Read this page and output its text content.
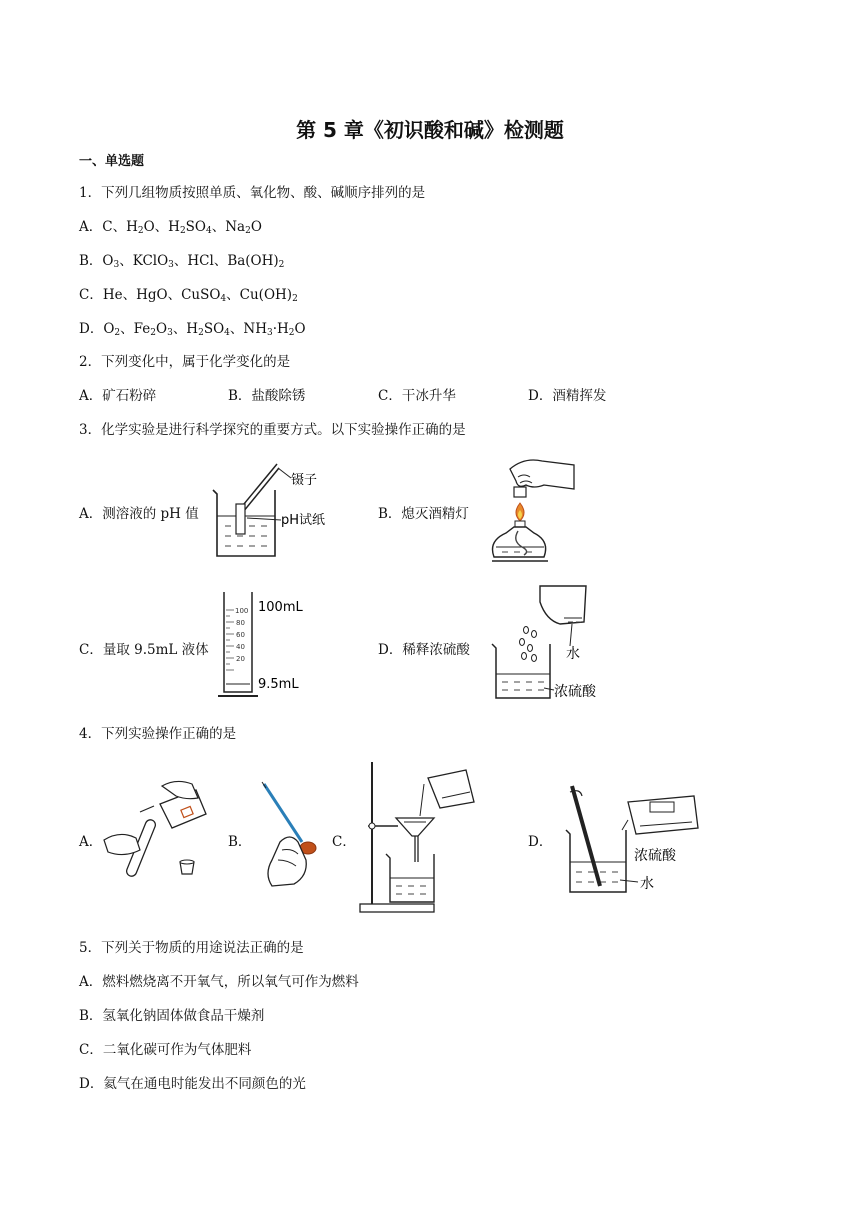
第 5 章《初识酸和碱》检测题
一、单选题
1．下列几组物质按照单质、氧化物、酸、碱顺序排列的是
A．C、$H_2O$、$H_2SO_4$、$Na_2O$
B．$O_3$、KClO$_3$、HCl、$Ba(OH)_2$
C．He、HgO、CuSO$_4$、$Cu(OH)_2$
D．$O_2$、$Fe_2O_3$、$H_2SO_4$、$NH_3\cdot H_2O$
2．下列变化中，属于化学变化的是
A．矿石粉碎	B．盐酸除锈	C．干冰升华	D．酒精挥发
3．化学实验是进行科学探究的重要方式。以下实验操作正确的是
A．测溶液的 pH 值	B．熄灭酒精灯
C．量取 9.5mL 液体	D．稀释浓硫酸
镊子
pH试纸
100
80
60
40
20
100mL
9.5mL
水
浓硫酸
4．下列实验操作正确的是
A．	B．	C．	D．
浓硫酸
水
5．下列关于物质的用途说法正确的是
A．燃料燃烧离不开氧气，所以氧气可作为燃料
B．氢氧化钠固体做食品干燥剂
C．二氧化碳可作为气体肥料
D．氦气在通电时能发出不同颜色的光
